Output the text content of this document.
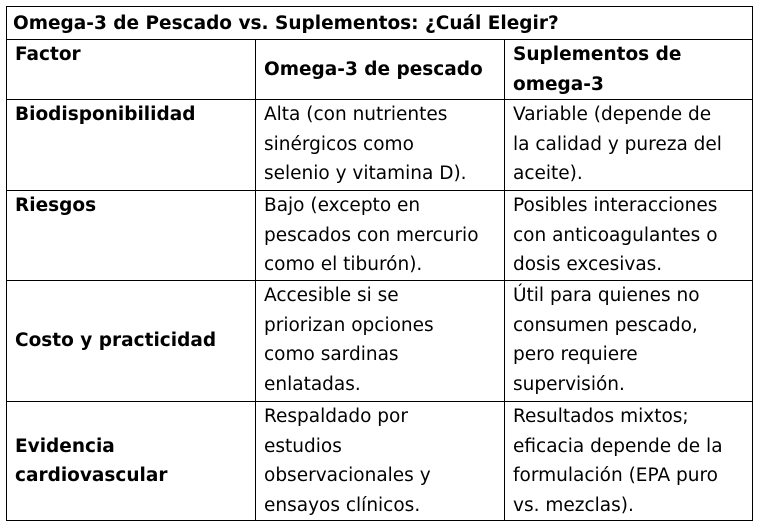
Omega-3 de Pescado vs. Suplementos: ¿Cuál Elegir?		
Factor	Omega-3 de pescado	Suplementos de
omega-3

Biodisponibilidad	Alta (con nutrientes
sinérgicos como
selenio y vitamina D).	Variable (depende de
la calidad y pureza del
aceite).

Riesgos	Bajo (excepto en
pescados con mercurio
como el tiburón).	Posibles interacciones
con anticoagulantes o
dosis excesivas.

Costo y practicidad	Accesible si se
priorizan opciones
como sardinas
enlatadas.	Útil para quienes no
consumen pescado,
pero requiere
supervisión.

Evidencia
cardiovascular	Respaldado por
estudios
observacionales y
ensayos clínicos.	Resultados mixtos;
eficacia depende de la
formulación (EPA puro
vs. mezclas).
